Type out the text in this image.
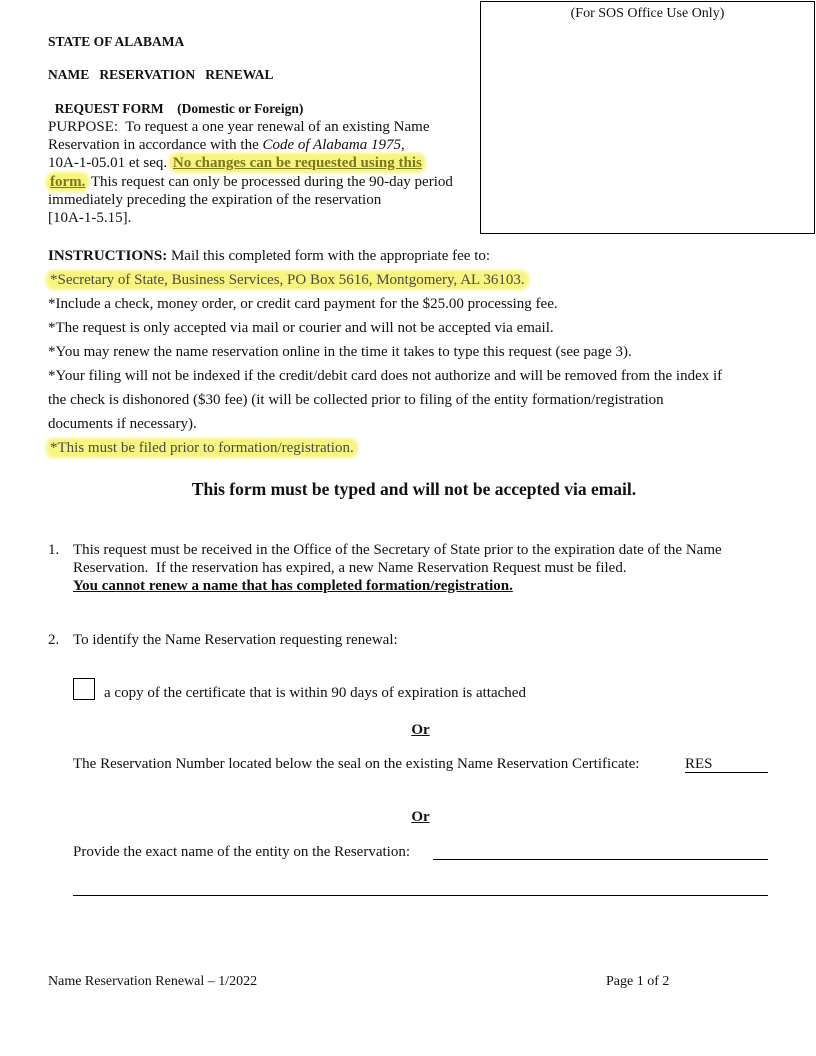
(For SOS Office Use Only)
STATE OF ALABAMA
NAME   RESERVATION   RENEWAL

REQUEST FORM (Domestic or Foreign)

PURPOSE:  To request a one year renewal of an existing Name
Reservation in accordance with the Code of Alabama 1975,
10A-1-05.01 et seq. No changes can be requested using this
form. This request can only be processed during the 90-day period
immediately preceding the expiration of the reservation
[10A-1-5.15].
INSTRUCTIONS: Mail this completed form with the appropriate fee to:
*Secretary of State, Business Services, PO Box 5616, Montgomery, AL 36103.
*Include a check, money order, or credit card payment for the $25.00 processing fee.
*The request is only accepted via mail or courier and will not be accepted via email.
*You may renew the name reservation online in the time it takes to type this request (see page 3).
*Your filing will not be indexed if the credit/debit card does not authorize and will be removed from the index if
the check is dishonored ($30 fee) (it will be collected prior to filing of the entity formation/registration
documents if necessary).
*This must be filed prior to formation/registration.
This form must be typed and will not be accepted via email.
1. This request must be received in the Office of the Secretary of State prior to the expiration date of the Name
Reservation.  If the reservation has expired, a new Name Reservation Request must be filed.
You cannot renew a name that has completed formation/registration.
2. To identify the Name Reservation requesting renewal:
a copy of the certificate that is within 90 days of expiration is attached
Or
The Reservation Number located below the seal on the existing Name Reservation Certificate:	RES
Or
Provide the exact name of the entity on the Reservation:
Name Reservation Renewal – 1/2022	Page 1 of 2
